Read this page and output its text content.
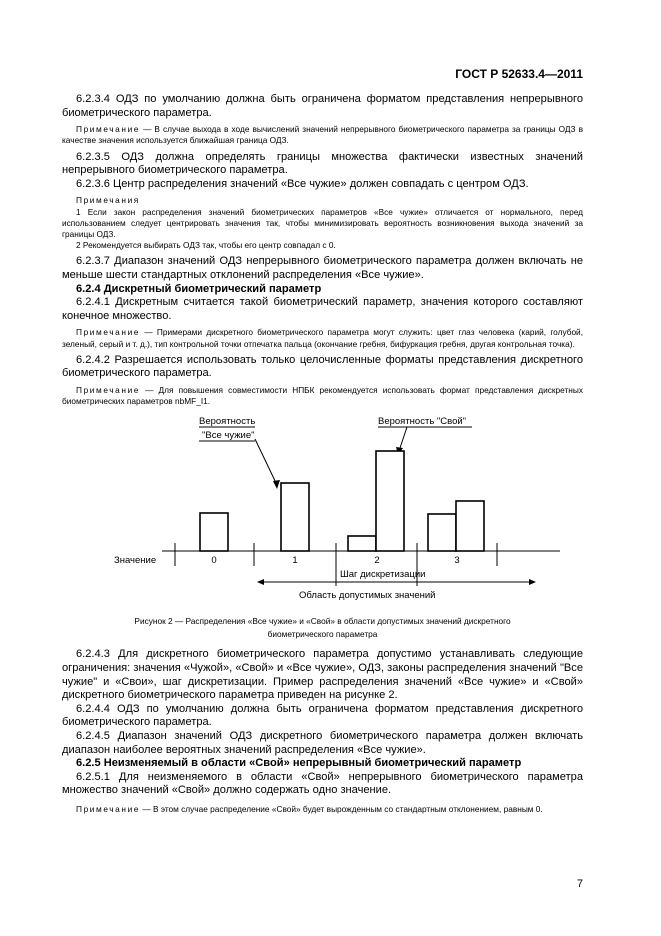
ГОСТ Р 52633.4—2011

6.2.3.4 ОДЗ по умолчанию должна быть ограничена форматом представления непрерывного биометрического параметра.

Примечание — В случае выхода в ходе вычислений значений непрерывного биометрического параметра за границы ОДЗ в качестве значения используется ближайшая граница ОДЗ.

6.2.3.5 ОДЗ должна определять границы множества фактически известных значений непрерывного биометрического параметра.

6.2.3.6 Центр распределения значений «Все чужие» должен совпадать с центром ОДЗ.

Примечания

1 Если закон распределения значений биометрических параметров «Все чужие» отличается от нормального, перед использованием следует центрировать значения так, чтобы минимизировать вероятность возникновения выхода значений за границы ОДЗ.

2 Рекомендуется выбирать ОДЗ так, чтобы его центр совпадал с 0.

6.2.3.7 Диапазон значений ОДЗ непрерывного биометрического параметра должен включать не меньше шести стандартных отклонений распределения «Все чужие».

6.2.4 Дискретный биометрический параметр

6.2.4.1 Дискретным считается такой биометрический параметр, значения которого составляют конечное множество.

Примечание — Примерами дискретного биометрического параметра могут служить: цвет глаз человека (карий, голубой, зеленый, серый и т. д.), тип контрольной точки отпечатка пальца (окончание гребня, бифуркация гребня, другая контрольная точка).

6.2.4.2 Разрешается использовать только целочисленные форматы представления дискретного биометрического параметра.

Примечание — Для повышения совместимости НПБК рекомендуется использовать формат представления дискретных биометрических параметров nbMF_I1.

Вероятность
"Все чужие"
Вероятность "Свой"
Значение	0	1	2	3
Шаг дискретизации
Область допустимых значений
Рисунок 2 — Распределения «Все чужие» и «Свой» в области допустимых значений дискретного
биометрического параметра

6.2.4.3 Для дискретного биометрического параметра допустимо устанавливать следующие ограничения: значения «Чужой», «Свой» и «Все чужие», ОДЗ, законы распределения значений "Все чужие" и «Свои», шаг дискретизации. Пример распределения значений «Все чужие» и «Свой» дискретного биометрического параметра приведен на рисунке 2.

6.2.4.4 ОДЗ по умолчанию должна быть ограничена форматом представления дискретного биометрического параметра.

6.2.4.5 Диапазон значений ОДЗ дискретного биометрического параметра должен включать диапазон наиболее вероятных значений распределения «Все чужие».

6.2.5 Неизменяемый в области «Свой» непрерывный биометрический параметр

6.2.5.1 Для неизменяемого в области «Свой» непрерывного биометрического параметра множество значений «Свой» должно содержать одно значение.

Примечание — В этом случае распределение «Свой» будет вырожденным со стандартным отклонением, равным 0.

7
